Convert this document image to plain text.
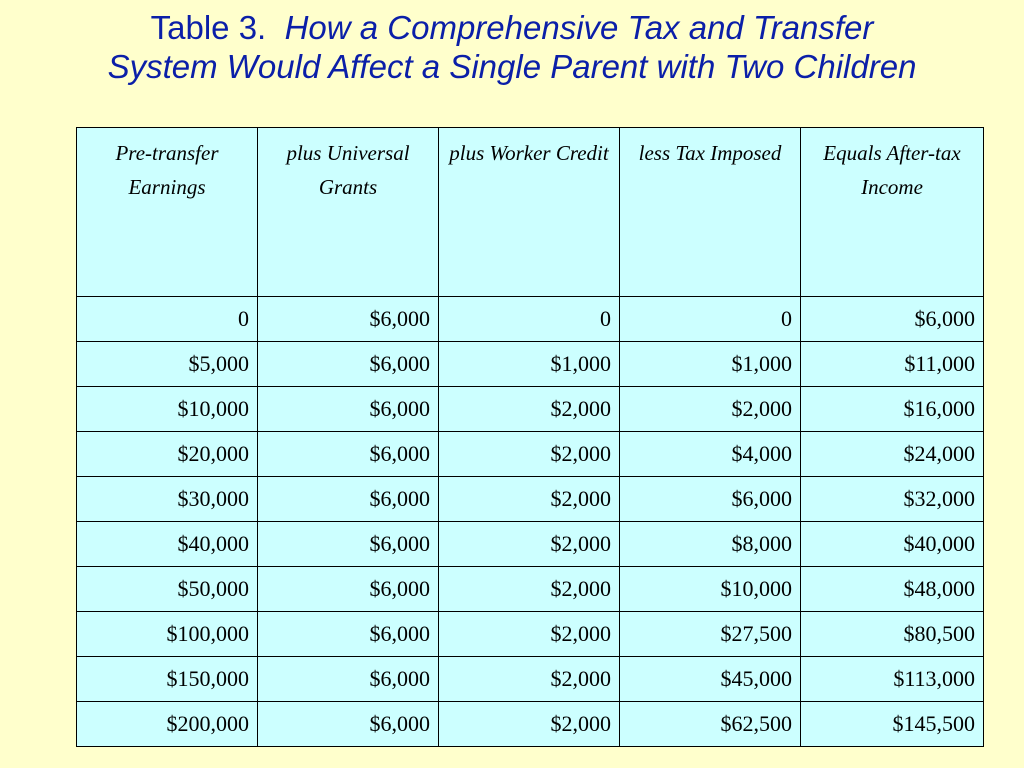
Table 3. How a Comprehensive Tax and Transfer
System Would Affect a Single Parent with Two Children
Pre-transfer Earnings	plus Universal Grants	plus Worker Credit	less Tax Imposed	Equals After-tax Income

0	$6,000	0	0	$6,000
$5,000	$6,000	$1,000	$1,000	$11,000
$10,000	$6,000	$2,000	$2,000	$16,000
$20,000	$6,000	$2,000	$4,000	$24,000
$30,000	$6,000	$2,000	$6,000	$32,000
$40,000	$6,000	$2,000	$8,000	$40,000
$50,000	$6,000	$2,000	$10,000	$48,000
$100,000	$6,000	$2,000	$27,500	$80,500
$150,000	$6,000	$2,000	$45,000	$113,000
$200,000	$6,000	$2,000	$62,500	$145,500
